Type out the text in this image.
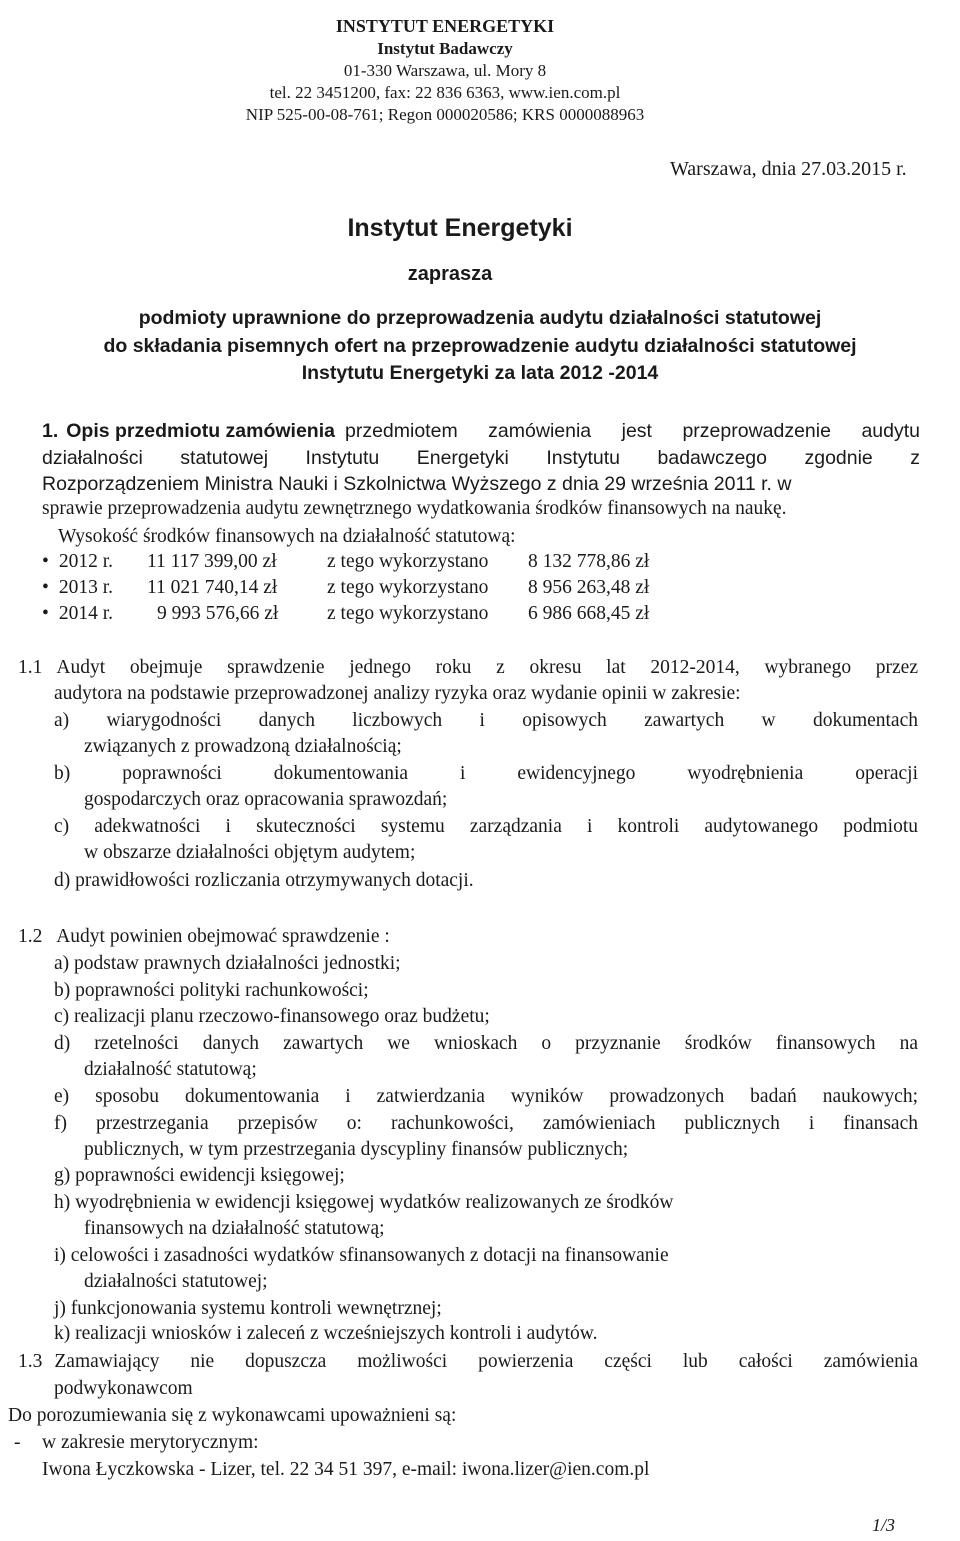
INSTYTUT ENERGETYKI
Instytut Badawczy
01-330 Warszawa, ul. Mory 8
tel. 22 3451200, fax: 22 836 6363, www.ien.com.pl
NIP 525-00-08-761; Regon 000020586; KRS 0000088963
Warszawa, dnia 27.03.2015 r.
Instytut Energetyki
zaprasza
podmioty uprawnione do przeprowadzenia audytu działalności statutowej
do składania pisemnych ofert na przeprowadzenie audytu działalności statutowej
Instytutu Energetyki za lata 2012 -2014
1. Opis przedmiotu zamówienia przedmiotem zamówienia jest przeprowadzenie audytu
działalności statutowej Instytutu Energetyki Instytutu badawczego zgodnie z
Rozporządzeniem Ministra Nauki i Szkolnictwa Wyższego z dnia 29 września 2011 r. w
sprawie przeprowadzenia audytu zewnętrznego wydatkowania środków finansowych na naukę.
Wysokość środków finansowych na działalność statutową:
• 2012 r. 11 117 399,00 zł	z tego wykorzystano 8 132 778,86 zł
• 2013 r. 11 021 740,14 zł	z tego wykorzystano 8 956 263,48 zł
• 2014 r. 9 993 576,66 zł z tego wykorzystano 6 986 668,45 zł
1.1 Audyt obejmuje sprawdzenie jednego roku z okresu lat 2012-2014, wybranego przez
audytora na podstawie przeprowadzonej analizy ryzyka oraz wydanie opinii w zakresie:
a) wiarygodności danych liczbowych i opisowych zawartych w dokumentach
związanych z prowadzoną działalnością;
b) poprawności dokumentowania i ewidencyjnego wyodrębnienia operacji
gospodarczych oraz opracowania sprawozdań;
c) adekwatności i skuteczności systemu zarządzania i kontroli audytowanego podmiotu
w obszarze działalności objętym audytem;
d) prawidłowości rozliczania otrzymywanych dotacji.
1.2 Audyt powinien obejmować sprawdzenie :
a) podstaw prawnych działalności jednostki;
b) poprawności polityki rachunkowości;
c) realizacji planu rzeczowo-finansowego oraz budżetu;
d) rzetelności danych zawartych we wnioskach o przyznanie środków finansowych na
działalność statutową;
e) sposobu dokumentowania i zatwierdzania wyników prowadzonych badań naukowych;
f) przestrzegania przepisów o: rachunkowości, zamówieniach publicznych i finansach
publicznych, w tym przestrzegania dyscypliny finansów publicznych;
g) poprawności ewidencji księgowej;
h) wyodrębnienia w ewidencji księgowej wydatków realizowanych ze środków
finansowych na działalność statutową;
i) celowości i zasadności wydatków sfinansowanych z dotacji na finansowanie
działalności statutowej;
j) funkcjonowania systemu kontroli wewnętrznej;
k) realizacji wniosków i zaleceń z wcześniejszych kontroli i audytów.
1.3 Zamawiający nie dopuszcza możliwości powierzenia części lub całości zamówienia
podwykonawcom
Do porozumiewania się z wykonawcami upoważnieni są:
- w zakresie merytorycznym:
Iwona Łyczkowska - Lizer, tel. 22 34 51 397, e-mail: iwona.lizer@ien.com.pl
1/3
